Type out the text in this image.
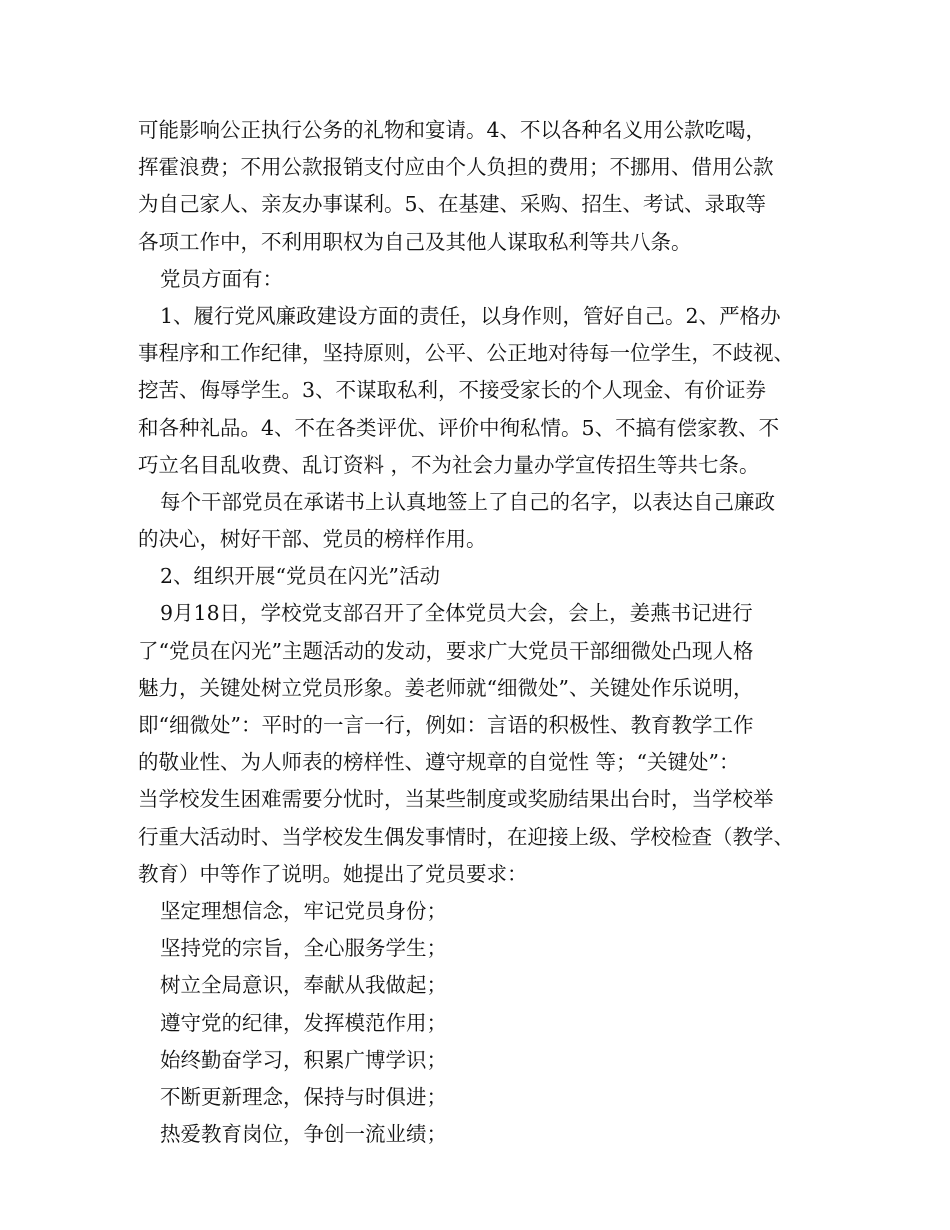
可能影响公正执行公务的礼物和宴请。4、不以各种名义用公款吃喝，
挥霍浪费；不用公款报销支付应由个人负担的费用；不挪用、借用公款
为自己家人、亲友办事谋利。5、在基建、采购、招生、考试、录取等
各项工作中，不利用职权为自己及其他人谋取私利等共八条。
党员方面有：
1、履行党风廉政建设方面的责任，以身作则，管好自己。2、严格办
事程序和工作纪律，坚持原则，公平、公正地对待每一位学生，不歧视、
挖苦、侮辱学生。3、不谋取私利，不接受家长的个人现金、有价证券
和各种礼品。4、不在各类评优、评价中徇私情。5、不搞有偿家教、不
巧立名目乱收费、乱订资料 ，不为社会力量办学宣传招生等共七条。
每个干部党员在承诺书上认真地签上了自己的名字，以表达自己廉政
的决心，树好干部、党员的榜样作用。
2、组织开展“党员在闪光”活动
9月18日，学校党支部召开了全体党员大会，会上，姜燕书记进行
了“党员在闪光”主题活动的发动，要求广大党员干部细微处凸现人格
魅力，关键处树立党员形象。姜老师就“细微处”、关键处作乐说明，
即“细微处”：平时的一言一行，例如：言语的积极性、教育教学工作
的敬业性、为人师表的榜样性、遵守规章的自觉性 等；“关键处”：
当学校发生困难需要分忧时，当某些制度或奖励结果出台时，当学校举
行重大活动时、当学校发生偶发事情时，在迎接上级、学校检查（教学、
教育）中等作了说明。她提出了党员要求：
坚定理想信念，牢记党员身份；
坚持党的宗旨，全心服务学生；
树立全局意识，奉献从我做起；
遵守党的纪律，发挥模范作用；
始终勤奋学习，积累广博学识；
不断更新理念，保持与时俱进；
热爱教育岗位，争创一流业绩；
